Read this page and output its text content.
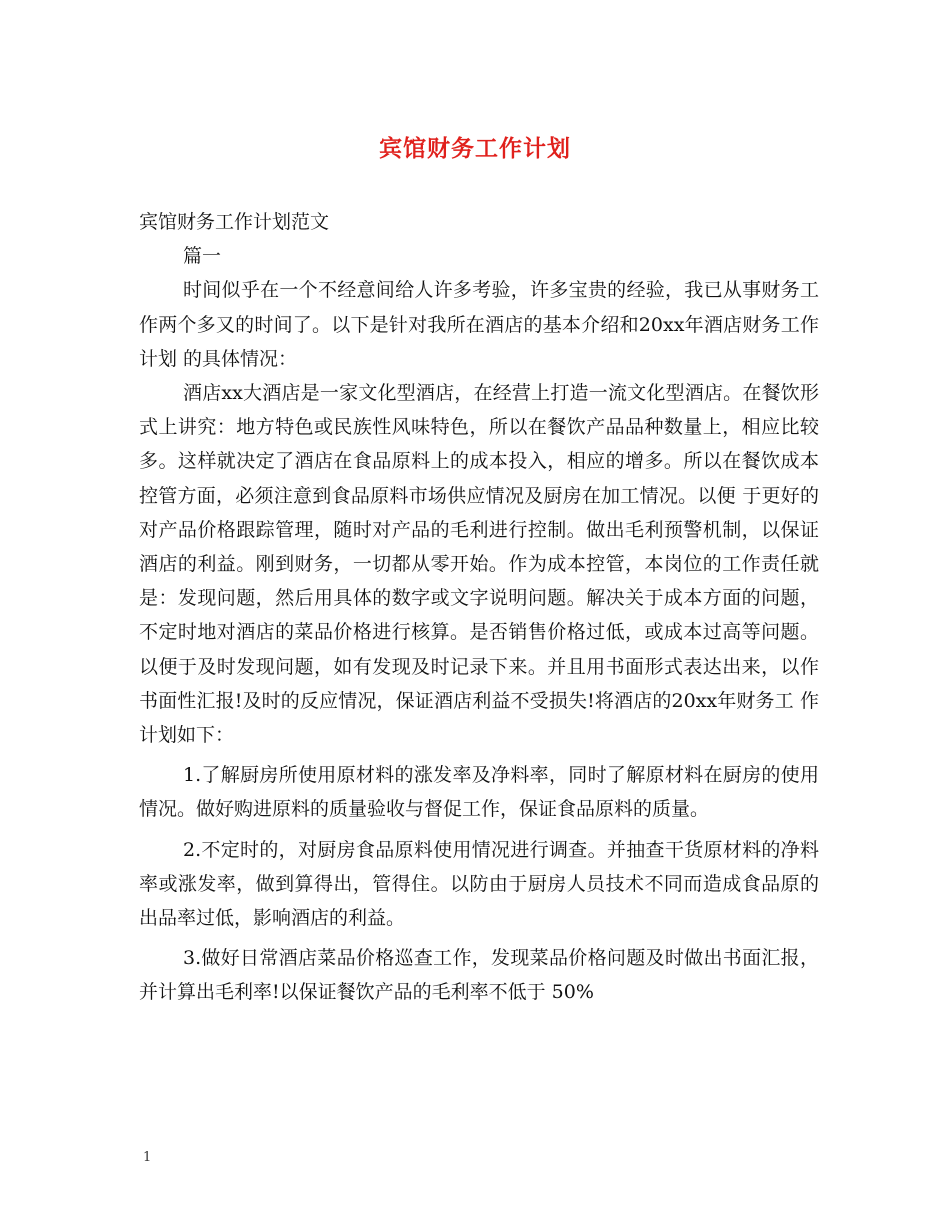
宾馆财务工作计划

宾馆财务工作计划范文

篇一

时间似乎在一个不经意间给人许多考验，许多宝贵的经验，我已从事财务工作两个多又的时间了。以下是针对我所在酒店的基本介绍和20xx年酒店财务工作计划 的具体情况：

酒店xx大酒店是一家文化型酒店，在经营上打造一流文化型酒店。在餐饮形式上讲究：地方特色或民族性风味特色，所以在餐饮产品品种数量上，相应比较多。这样就决定了酒店在食品原料上的成本投入，相应的增多。所以在餐饮成本控管方面，必须注意到食品原料市场供应情况及厨房在加工情况。以便 于更好的对产品价格跟踪管理，随时对产品的毛利进行控制。做出毛利预警机制，以保证酒店的利益。刚到财务，一切都从零开始。作为成本控管，本岗位的工作责任就是：发现问题，然后用具体的数字或文字说明问题。解决关于成本方面的问题，不定时地对酒店的菜品价格进行核算。是否销售价格过低，或成本过高等问题。 以便于及时发现问题，如有发现及时记录下来。并且用书面形式表达出来，以作书面性汇报!及时的反应情况，保证酒店利益不受损失!将酒店的20xx年财务工 作计划如下：

1.了解厨房所使用原材料的涨发率及净料率，同时了解原材料在厨房的使用情况。做好购进原料的质量验收与督促工作，保证食品原料的质量。

2.不定时的，对厨房食品原料使用情况进行调查。并抽查干货原材料的净料率或涨发率，做到算得出，管得住。以防由于厨房人员技术不同而造成食品原的出品率过低，影响酒店的利益。

3.做好日常酒店菜品价格巡查工作，发现菜品价格问题及时做出书面汇报，并计算出毛利率!以保证餐饮产品的毛利率不低于 50%

1
